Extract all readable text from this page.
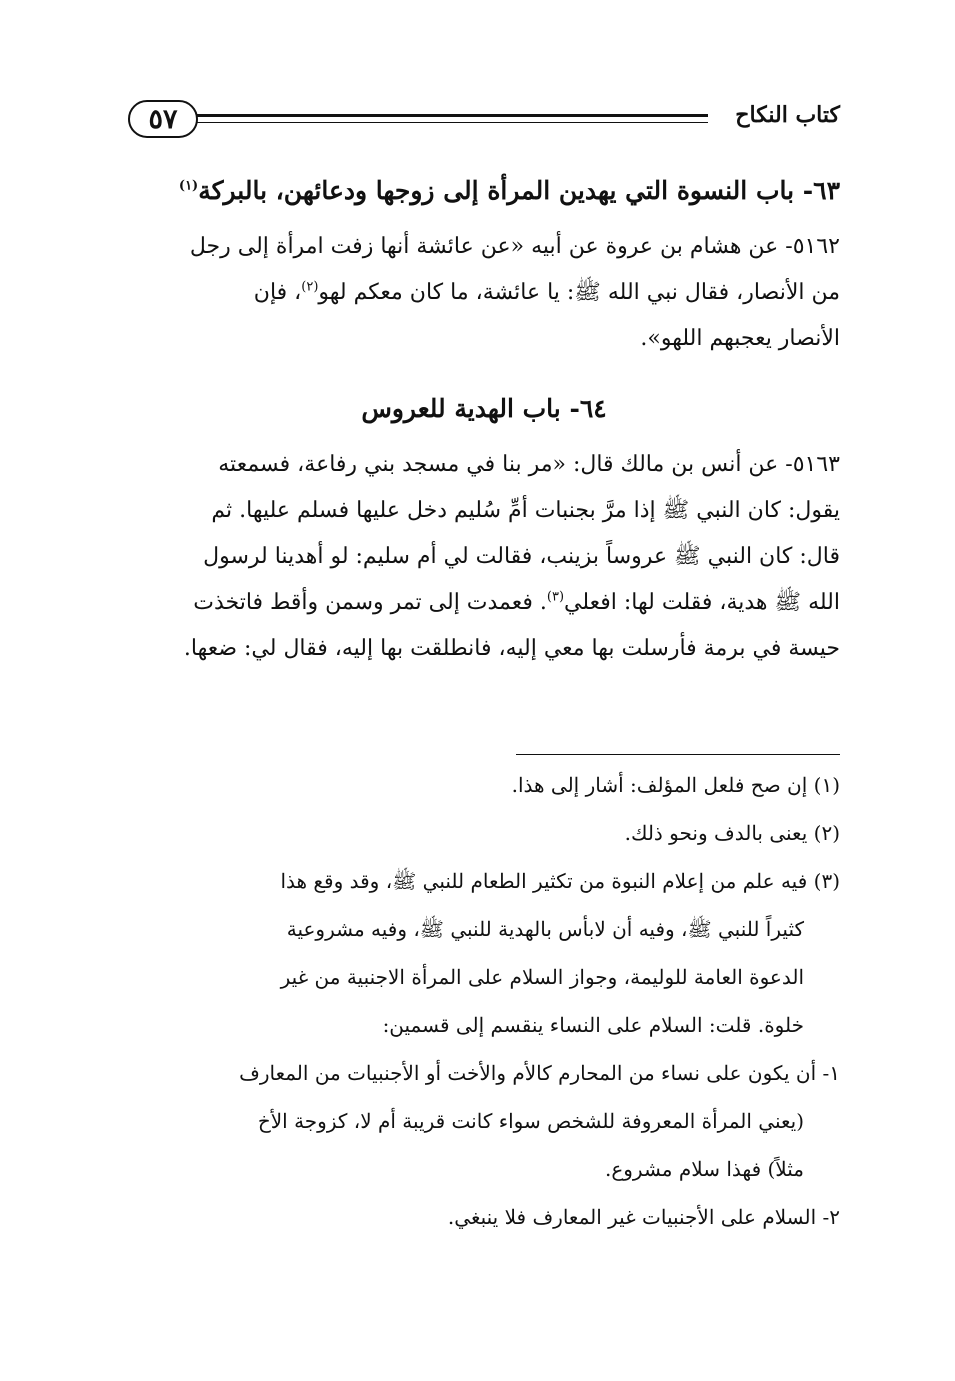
٥٧	كتاب النكاح
٦٣- باب النسوة التي يهدين المرأة إلى زوجها ودعائهن، بالبركة$^{(١)}$

٥١٦٢- عن هشام بن عروة عن أبيه «عن عائشة أنها زفت امرأة إلى رجل

من الأنصار، فقال نبي الله ﷺ: يا عائشة، ما كان معكم لهو$^{(٢)}$، فإن

الأنصار يعجبهم اللهو».

٦٤- باب الهدية للعروس

٥١٦٣- عن أنس بن مالك قال: «مر بنا في مسجد بني رفاعة، فسمعته

يقول: كان النبي ﷺ إذا مرَّ بجنبات أمِّ سُليم دخل عليها فسلم عليها. ثم

قال: كان النبي ﷺ عروساً بزينب، فقالت لي أم سليم: لو أهدينا لرسول

الله ﷺ هدية، فقلت لها: افعلي$^{(٣)}$. فعمدت إلى تمر وسمن وأقط فاتخذت

حيسة في برمة فأرسلت بها معي إليه، فانطلقت بها إليه، فقال لي: ضعها.

(١) إن صح فلعل المؤلف: أشار إلى هذا.

(٢) يعنى بالدف ونحو ذلك.

(٣) فيه علم من إعلام النبوة من تكثير الطعام للنبي ﷺ، وقد وقع هذا

كثيراً للنبي ﷺ، وفيه أن لابأس بالهدية للنبي ﷺ، وفيه مشروعية

الدعوة العامة للوليمة، وجواز السلام على المرأة الاجنبية من غير

خلوة. قلت: السلام على النساء ينقسم إلى قسمين:

١- أن يكون على نساء من المحارم كالأم والأخت أو الأجنبيات من المعارف

(يعني المرأة المعروفة للشخص سواء كانت قريبة أم لا، كزوجة الأخ

مثلاً) فهذا سلام مشروع.

٢- السلام على الأجنبيات غير المعارف فلا ينبغي.
